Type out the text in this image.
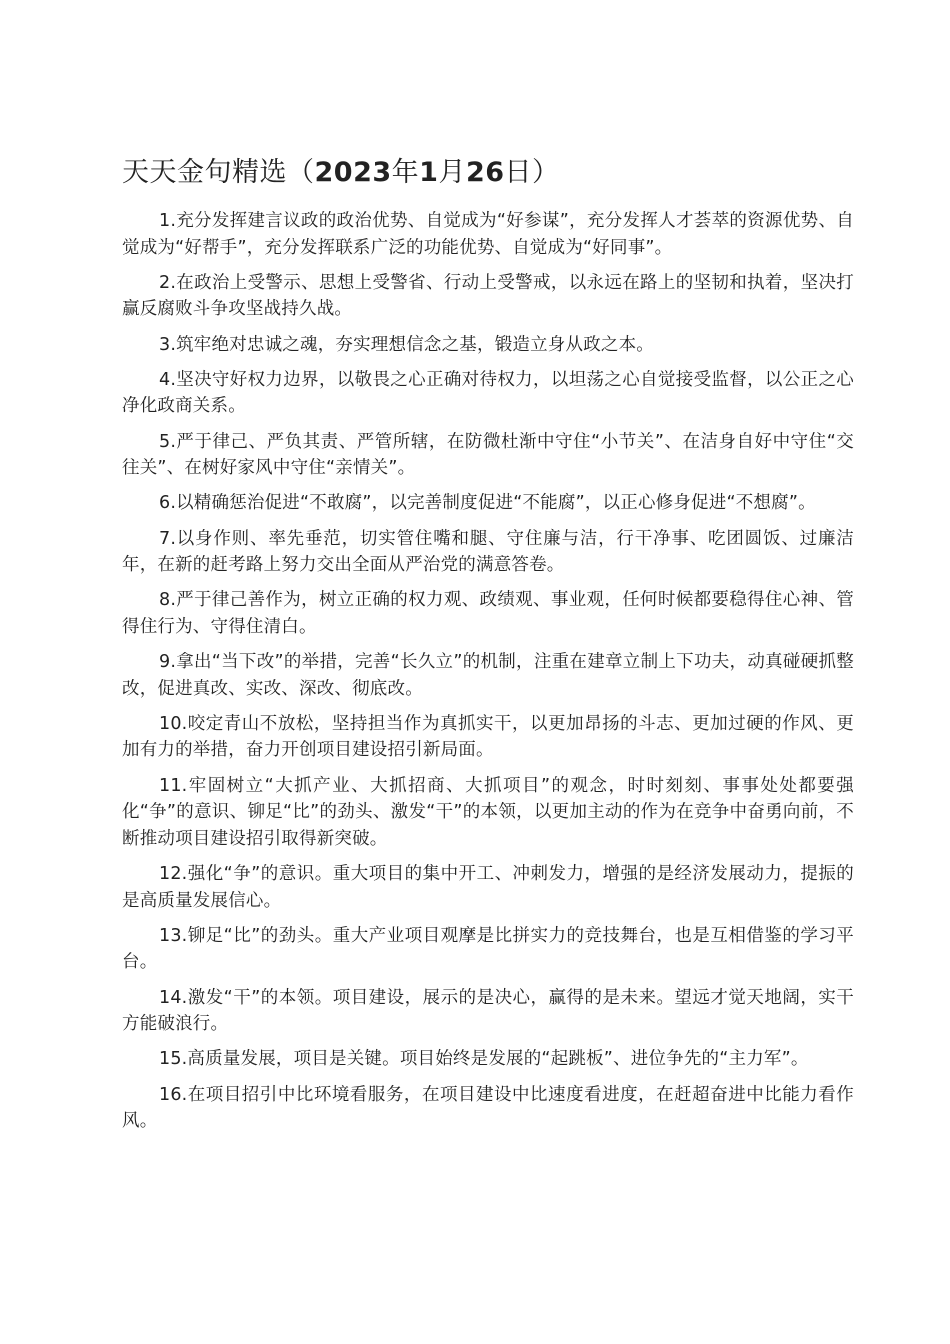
天天金句精选（2023年1月26日）

1.充分发挥建言议政的政治优势、自觉成为“好参谋”，充分发挥人才荟萃的资源优势、自觉成为“好帮手”，充分发挥联系广泛的功能优势、自觉成为“好同事”。

2.在政治上受警示、思想上受警省、行动上受警戒，以永远在路上的坚韧和执着，坚决打赢反腐败斗争攻坚战持久战。

3.筑牢绝对忠诚之魂，夯实理想信念之基，锻造立身从政之本。

4.坚决守好权力边界，以敬畏之心正确对待权力，以坦荡之心自觉接受监督，以公正之心净化政商关系。

5.严于律己、严负其责、严管所辖，在防微杜渐中守住“小节关”、在洁身自好中守住“交往关”、在树好家风中守住“亲情关”。

6.以精确惩治促进“不敢腐”，以完善制度促进“不能腐”，以正心修身促进“不想腐”。

7.以身作则、率先垂范，切实管住嘴和腿、守住廉与洁，行干净事、吃团圆饭、过廉洁年，在新的赶考路上努力交出全面从严治党的满意答卷。

8.严于律己善作为，树立正确的权力观、政绩观、事业观，任何时候都要稳得住心神、管得住行为、守得住清白。

9.拿出“当下改”的举措，完善“长久立”的机制，注重在建章立制上下功夫，动真碰硬抓整改，促进真改、实改、深改、彻底改。

10.咬定青山不放松，坚持担当作为真抓实干，以更加昂扬的斗志、更加过硬的作风、更加有力的举措，奋力开创项目建设招引新局面。

11.牢固树立“大抓产业、大抓招商、大抓项目”的观念，时时刻刻、事事处处都要强化“争”的意识、铆足“比”的劲头、激发“干”的本领，以更加主动的作为在竞争中奋勇向前，不断推动项目建设招引取得新突破。

12.强化“争”的意识。重大项目的集中开工、冲刺发力，增强的是经济发展动力，提振的是高质量发展信心。

13.铆足“比”的劲头。重大产业项目观摩是比拼实力的竞技舞台，也是互相借鉴的学习平台。

14.激发“干”的本领。项目建设，展示的是决心，赢得的是未来。望远才觉天地阔，实干方能破浪行。

15.高质量发展，项目是关键。项目始终是发展的“起跳板”、进位争先的“主力军”。

16.在项目招引中比环境看服务，在项目建设中比速度看进度，在赶超奋进中比能力看作风。
